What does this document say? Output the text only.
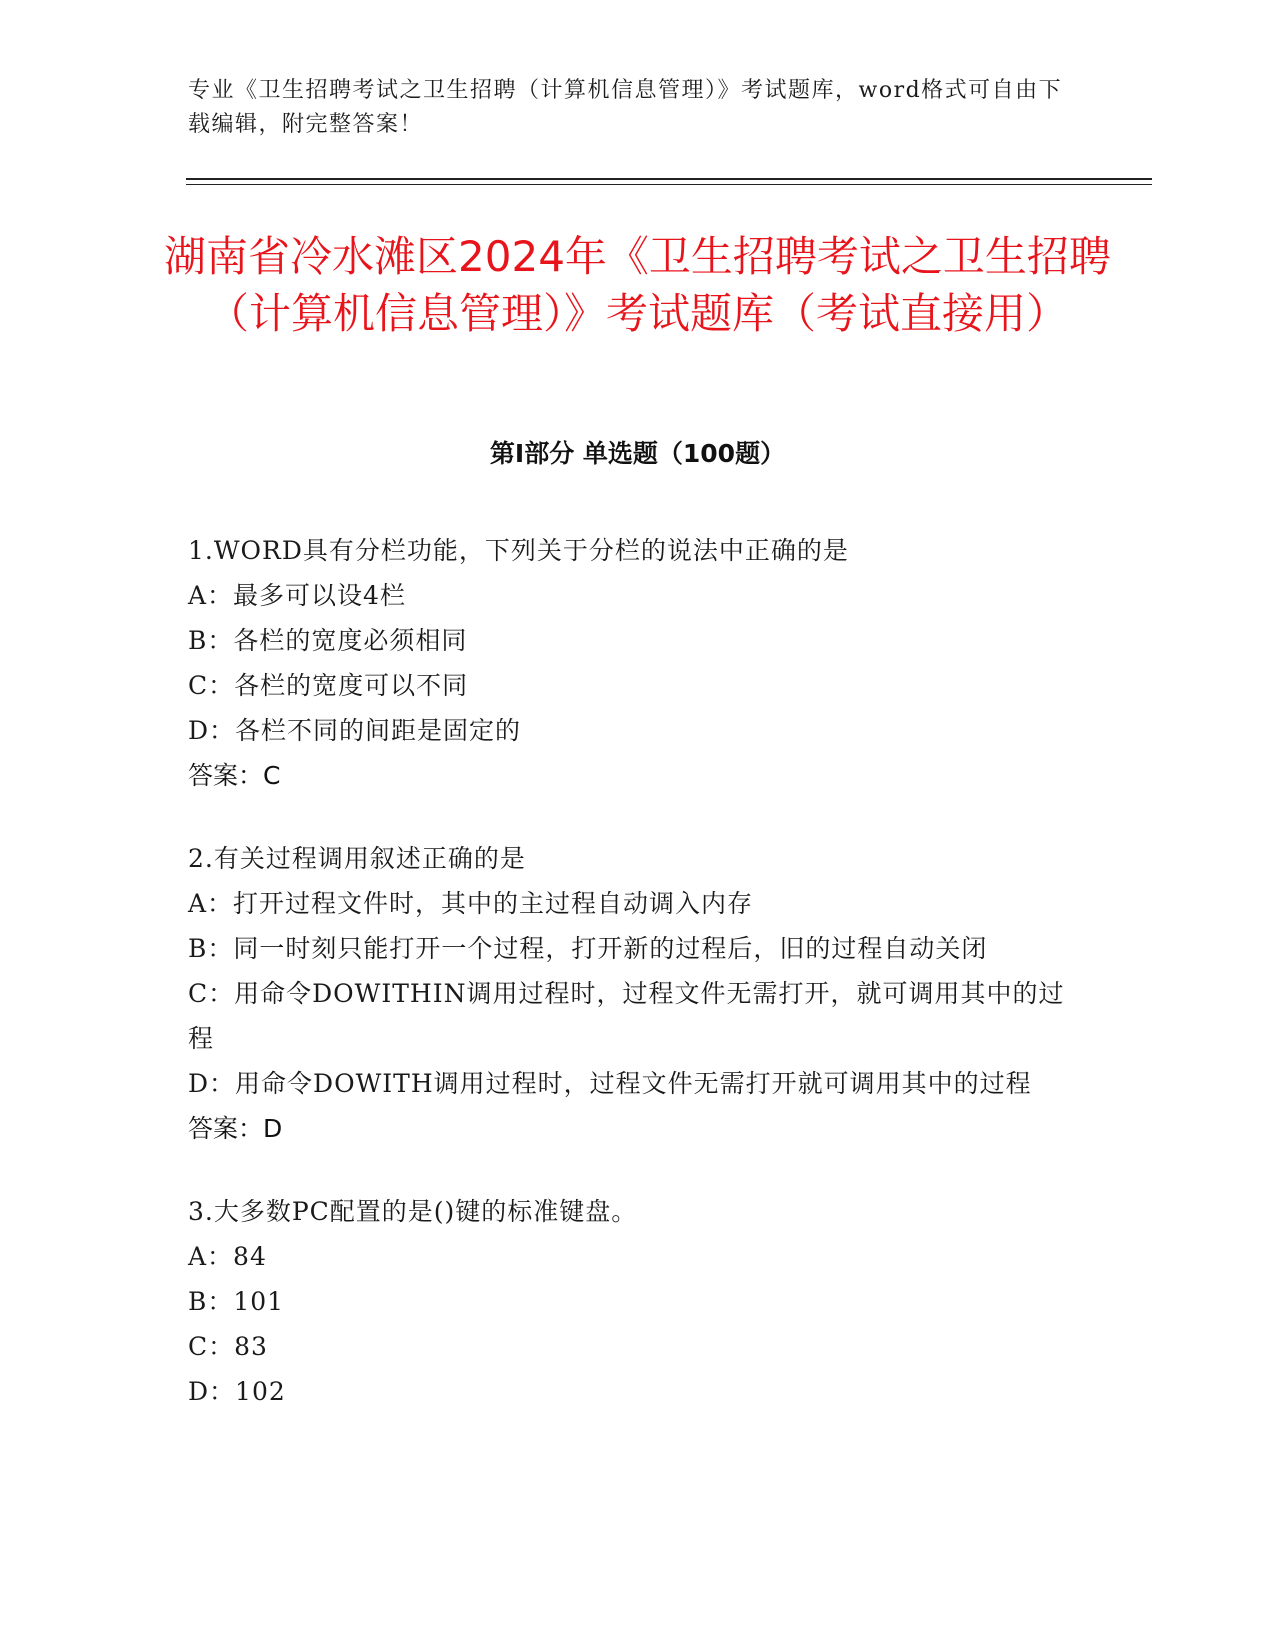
专业《卫生招聘考试之卫生招聘（计算机信息管理）》考试题库，word格式可自由下载编辑，附完整答案！
湖南省冷水滩区2024年《卫生招聘考试之卫生招聘（计算机信息管理）》考试题库（考试直接用）
第Ⅰ部分 单选题（100题）
1.WORD具有分栏功能，下列关于分栏的说法中正确的是
A：最多可以设4栏
B：各栏的宽度必须相同
C：各栏的宽度可以不同
D：各栏不同的间距是固定的
答案：C
2.有关过程调用叙述正确的是
A：打开过程文件时，其中的主过程自动调入内存
B：同一时刻只能打开一个过程，打开新的过程后，旧的过程自动关闭
C：用命令DOWITHIN调用过程时，过程文件无需打开，就可调用其中的过程
D：用命令DOWITH调用过程时，过程文件无需打开就可调用其中的过程
答案：D
3.大多数PC配置的是()键的标准键盘。
A：84
B：101
C：83
D：102
